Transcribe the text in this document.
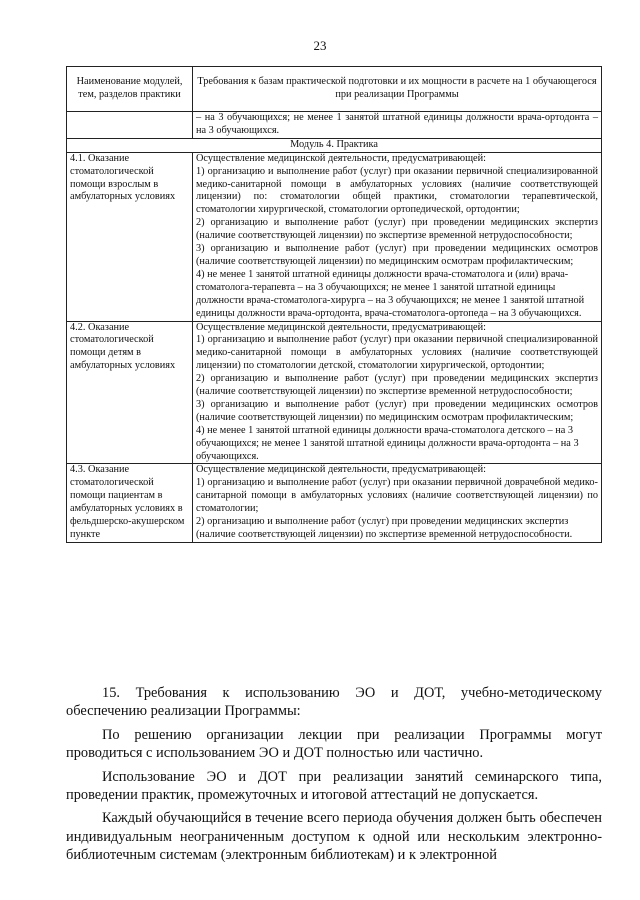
23
Наименование модулей, тем, разделов практики	Требования к базам практической подготовки и их мощности в расчете на 1 обучающегося при реализации Программы
	– на 3 обучающихся; не менее 1 занятой штатной единицы должности врача-ортодонта – на 3 обучающихся.
Модуль 4. Практика	
4.1. Оказание стоматологической помощи взрослым в амбулаторных условиях	Осуществление медицинской деятельности, предусматривающей:

1) организацию и выполнение работ (услуг) при оказании первичной специализированной медико-санитарной помощи в амбулаторных условиях (наличие соответствующей лицензии) по: стоматологии общей практики, стоматологии терапевтической, стоматологии хирургической, стоматологии ортопедической, ортодонтии;

2) организацию и выполнение работ (услуг) при проведении медицинских экспертиз (наличие соответствующей лицензии) по экспертизе временной нетрудоспособности;

3) организацию и выполнение работ (услуг) при проведении медицинских осмотров (наличие соответствующей лицензии) по медицинским осмотрам профилактическим;

4) не менее 1 занятой штатной единицы должности врача-стоматолога и (или) врача-стоматолога-терапевта – на 3 обучающихся; не менее 1 занятой штатной единицы должности врача-стоматолога-хирурга – на 3 обучающихся; не менее 1 занятой штатной единицы должности врача-ортодонта, врача-стоматолога-ортопеда – на 3 обучающихся.

4.2. Оказание стоматологической помощи детям в амбулаторных условиях	Осуществление медицинской деятельности, предусматривающей:

1) организацию и выполнение работ (услуг) при оказании первичной специализированной медико-санитарной помощи в амбулаторных условиях (наличие соответствующей лицензии) по стоматологии детской, стоматологии хирургической, ортодонтии;

2) организацию и выполнение работ (услуг) при проведении медицинских экспертиз (наличие соответствующей лицензии) по экспертизе временной нетрудоспособности;

3) организацию и выполнение работ (услуг) при проведении медицинских осмотров (наличие соответствующей лицензии) по медицинским осмотрам профилактическим;

4) не менее 1 занятой штатной единицы должности врача-стоматолога детского – на 3 обучающихся; не менее 1 занятой штатной единицы должности врача-ортодонта – на 3 обучающихся.

4.3. Оказание стоматологической помощи пациентам в амбулаторных условиях в фельдшерско-акушерском пункте	Осуществление медицинской деятельности, предусматривающей:

1) организацию и выполнение работ (услуг) при оказании первичной доврачебной медико-санитарной помощи в амбулаторных условиях (наличие соответствующей лицензии) по стоматологии;

2) организацию и выполнение работ (услуг) при проведении медицинских экспертиз (наличие соответствующей лицензии) по экспертизе временной нетрудоспособности.

15. Требования к использованию ЭО и ДОТ, учебно-методическому обеспечению реализации Программы:

По решению организации лекции при реализации Программы могут проводиться с использованием ЭО и ДОТ полностью или частично.

Использование ЭО и ДОТ при реализации занятий семинарского типа, проведении практик, промежуточных и итоговой аттестаций не допускается.

Каждый обучающийся в течение всего периода обучения должен быть обеспечен индивидуальным неограниченным доступом к одной или нескольким электронно-библиотечным системам (электронным библиотекам) и к электронной
